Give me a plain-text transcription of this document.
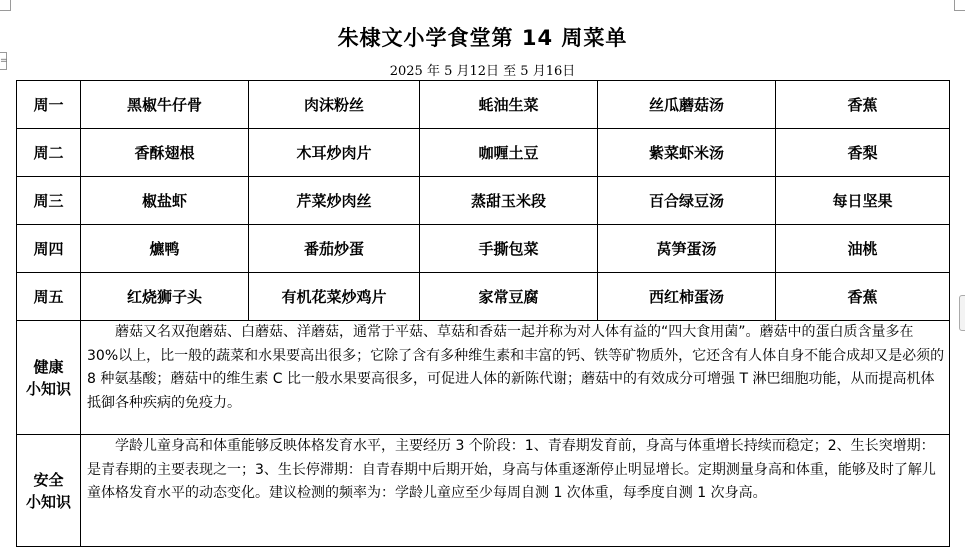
=
朱棣文小学食堂第 14 周菜单
2025 年 5 月12日 至 5 月16日
周一	黑椒牛仔骨	肉沫粉丝	蚝油生菜	丝瓜蘑菇汤	香蕉
周二	香酥翅根	木耳炒肉片	咖喱土豆	紫菜虾米汤	香梨
周三	椒盐虾	芹菜炒肉丝	蒸甜玉米段	百合绿豆汤	每日坚果
周四	爊鸭	番茄炒蛋	手撕包菜	莴笋蛋汤	油桃
周五	红烧狮子头	有机花菜炒鸡片	家常豆腐	西红柿蛋汤	香蕉

健康
小知识	蘑菇又名双孢蘑菇、白蘑菇、洋蘑菇，通常于平菇、草菇和香菇一起并称为对人体有益的“四大食用菌”。蘑菇中的蛋白质含量多在 30%以上，比一般的蔬菜和水果要高出很多；它除了含有多种维生素和丰富的钙、铁等矿物质外，它还含有人体自身不能合成却又是必须的 8 种氨基酸；蘑菇中的维生素 C 比一般水果要高很多，可促进人体的新陈代谢；蘑菇中的有效成分可增强 T 淋巴细胞功能，从而提高机体抵御各种疾病的免疫力。				

安全
小知识	学龄儿童身高和体重能够反映体格发育水平，主要经历 3 个阶段：1、青春期发育前，身高与体重增长持续而稳定；2、生长突增期：是青春期的主要表现之一；3、生长停滞期：自青春期中后期开始，身高与体重逐渐停止明显增长。定期测量身高和体重，能够及时了解儿童体格发育水平的动态变化。建议检测的频率为：学龄儿童应至少每周自测 1 次体重，每季度自测 1 次身高。				
